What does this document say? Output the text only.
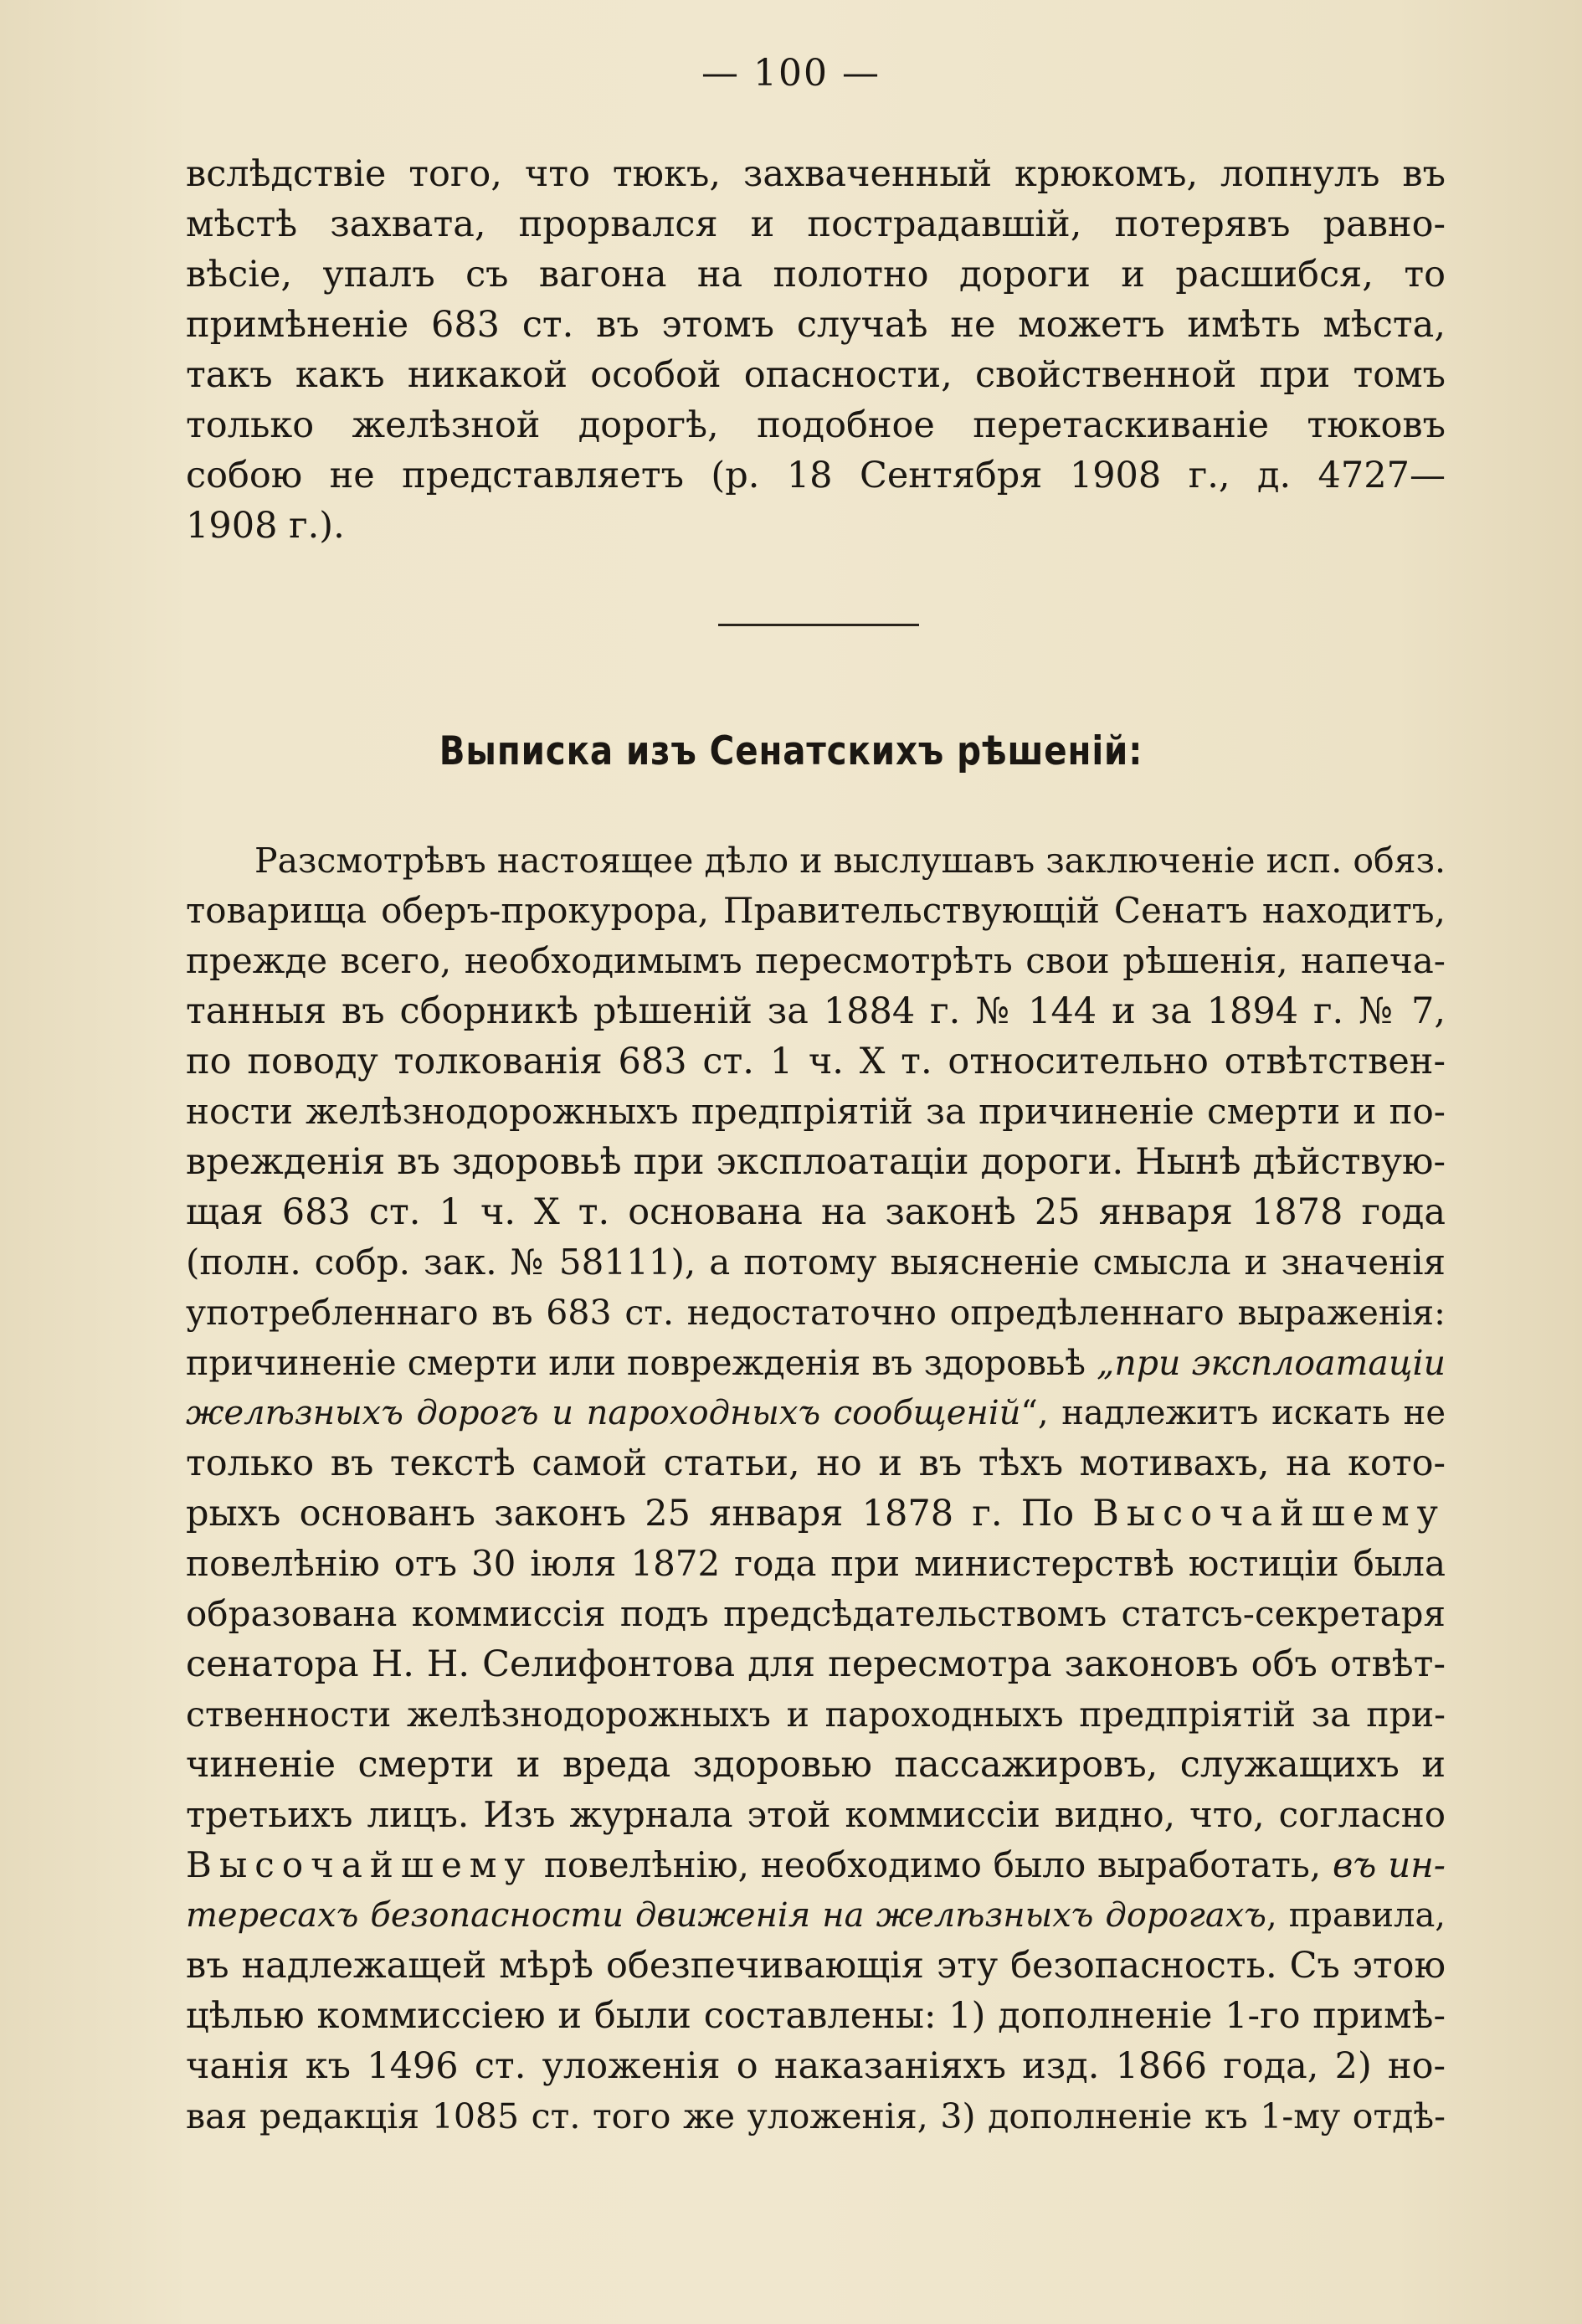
— 100 —
вслѣдствіе того, что тюкъ, захваченный крюкомъ, лопнулъ въ
мѣстѣ захвата, прорвался и пострадавшій, потерявъ равно-
вѣсіе, упалъ съ вагона на полотно дороги и расшибся, то
примѣненіе 683 ст. въ этомъ случаѣ не можетъ имѣть мѣста,
такъ какъ никакой особой опасности, свойственной при томъ
только желѣзной дорогѣ, подобное перетаскиваніе тюковъ
собою не представляетъ (р. 18 Сентября 1908 г., д. 4727—
1908 г.).
Выписка изъ Сенатскихъ рѣшеній:
Разсмотрѣвъ настоящее дѣло и выслушавъ заключеніе исп. обяз.
товарища оберъ-прокурора, Правительствующій Сенатъ находитъ,
прежде всего, необходимымъ пересмотрѣть свои рѣшенія, напеча-
танныя въ сборникѣ рѣшеній за 1884 г. № 144 и за 1894 г. № 7,
по поводу толкованія 683 ст. 1 ч. X т. относительно отвѣтствен-
ности желѣзнодорожныхъ предпріятій за причиненіе смерти и по-
врежденія въ здоровьѣ при эксплоатаціи дороги. Нынѣ дѣйствую-
щая 683 ст. 1 ч. X т. основана на законѣ 25 января 1878 года
(полн. собр. зак. № 58111), а потому выясненіе смысла и значенія
употребленнаго въ 683 ст. недостаточно опредѣленнаго выраженія:
причиненіе смерти или поврежденія въ здоровьѣ „при эксплоатаціи
желѣзныхъ дорогъ и пароходныхъ сообщеній“, надлежитъ искать не
только въ текстѣ самой статьи, но и въ тѣхъ мотивахъ, на кото-
рыхъ основанъ законъ 25 января 1878 г. По Высочайшему
повелѣнію отъ 30 іюля 1872 года при министерствѣ юстиціи была
образована коммиссія подъ предсѣдательствомъ статсъ-секретаря
сенатора Н. Н. Селифонтова для пересмотра законовъ объ отвѣт-
ственности желѣзнодорожныхъ и пароходныхъ предпріятій за при-
чиненіе смерти и вреда здоровью пассажировъ, служащихъ и
третьихъ лицъ. Изъ журнала этой коммиссіи видно, что, согласно
Высочайшему повелѣнію, необходимо было выработать, въ ин-
тересахъ безопасности движенія на желѣзныхъ дорогахъ, правила,
въ надлежащей мѣрѣ обезпечивающія эту безопасность. Съ этою
цѣлью коммиссіею и были составлены: 1) дополненіе 1-го примѣ-
чанія къ 1496 ст. уложенія о наказаніяхъ изд. 1866 года, 2) но-
вая редакція 1085 ст. того же уложенія, 3) дополненіе къ 1-му отдѣ-
